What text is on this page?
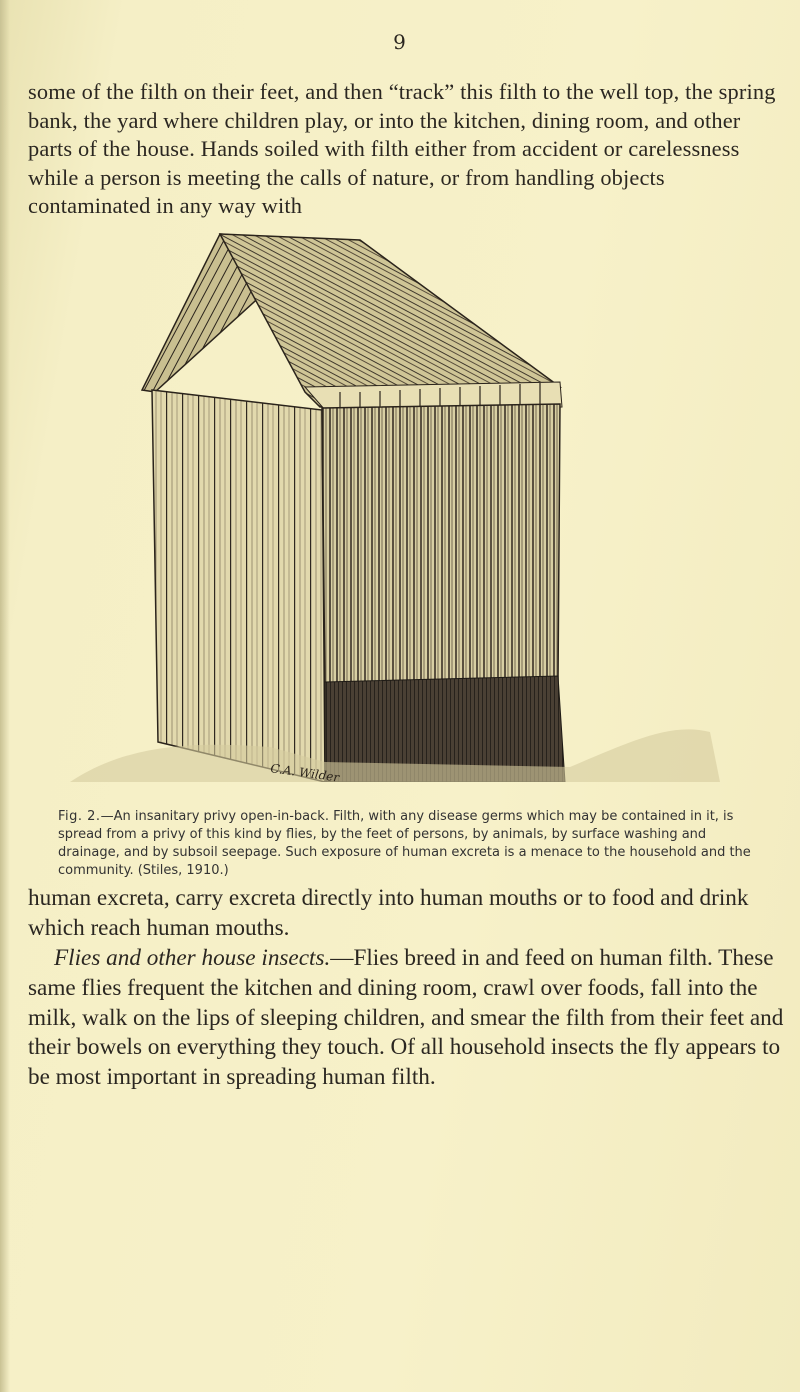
9

some of the filth on their feet, and then “track” this filth to the well top, the spring bank, the yard where children play, or into the kitchen, dining room, and other parts of the house. Hands soiled with filth either from accident or carelessness while a person is meeting the calls of nature, or from handling objects contaminated in any way with

C.A. Wilder

Fig. 2.—An insanitary privy open-in-back. Filth, with any disease germs which may be contained in it, is spread from a privy of this kind by flies, by the feet of persons, by animals, by surface washing and drainage, and by subsoil seepage. Such exposure of human excreta is a menace to the household and the community. (Stiles, 1910.)

human excreta, carry excreta directly into human mouths or to food and drink which reach human mouths.

Flies and other house insects.—Flies breed in and feed on human filth. These same flies frequent the kitchen and dining room, crawl over foods, fall into the milk, walk on the lips of sleeping children, and smear the filth from their feet and their bowels on everything they touch. Of all household insects the fly appears to be most important in spreading human filth.
